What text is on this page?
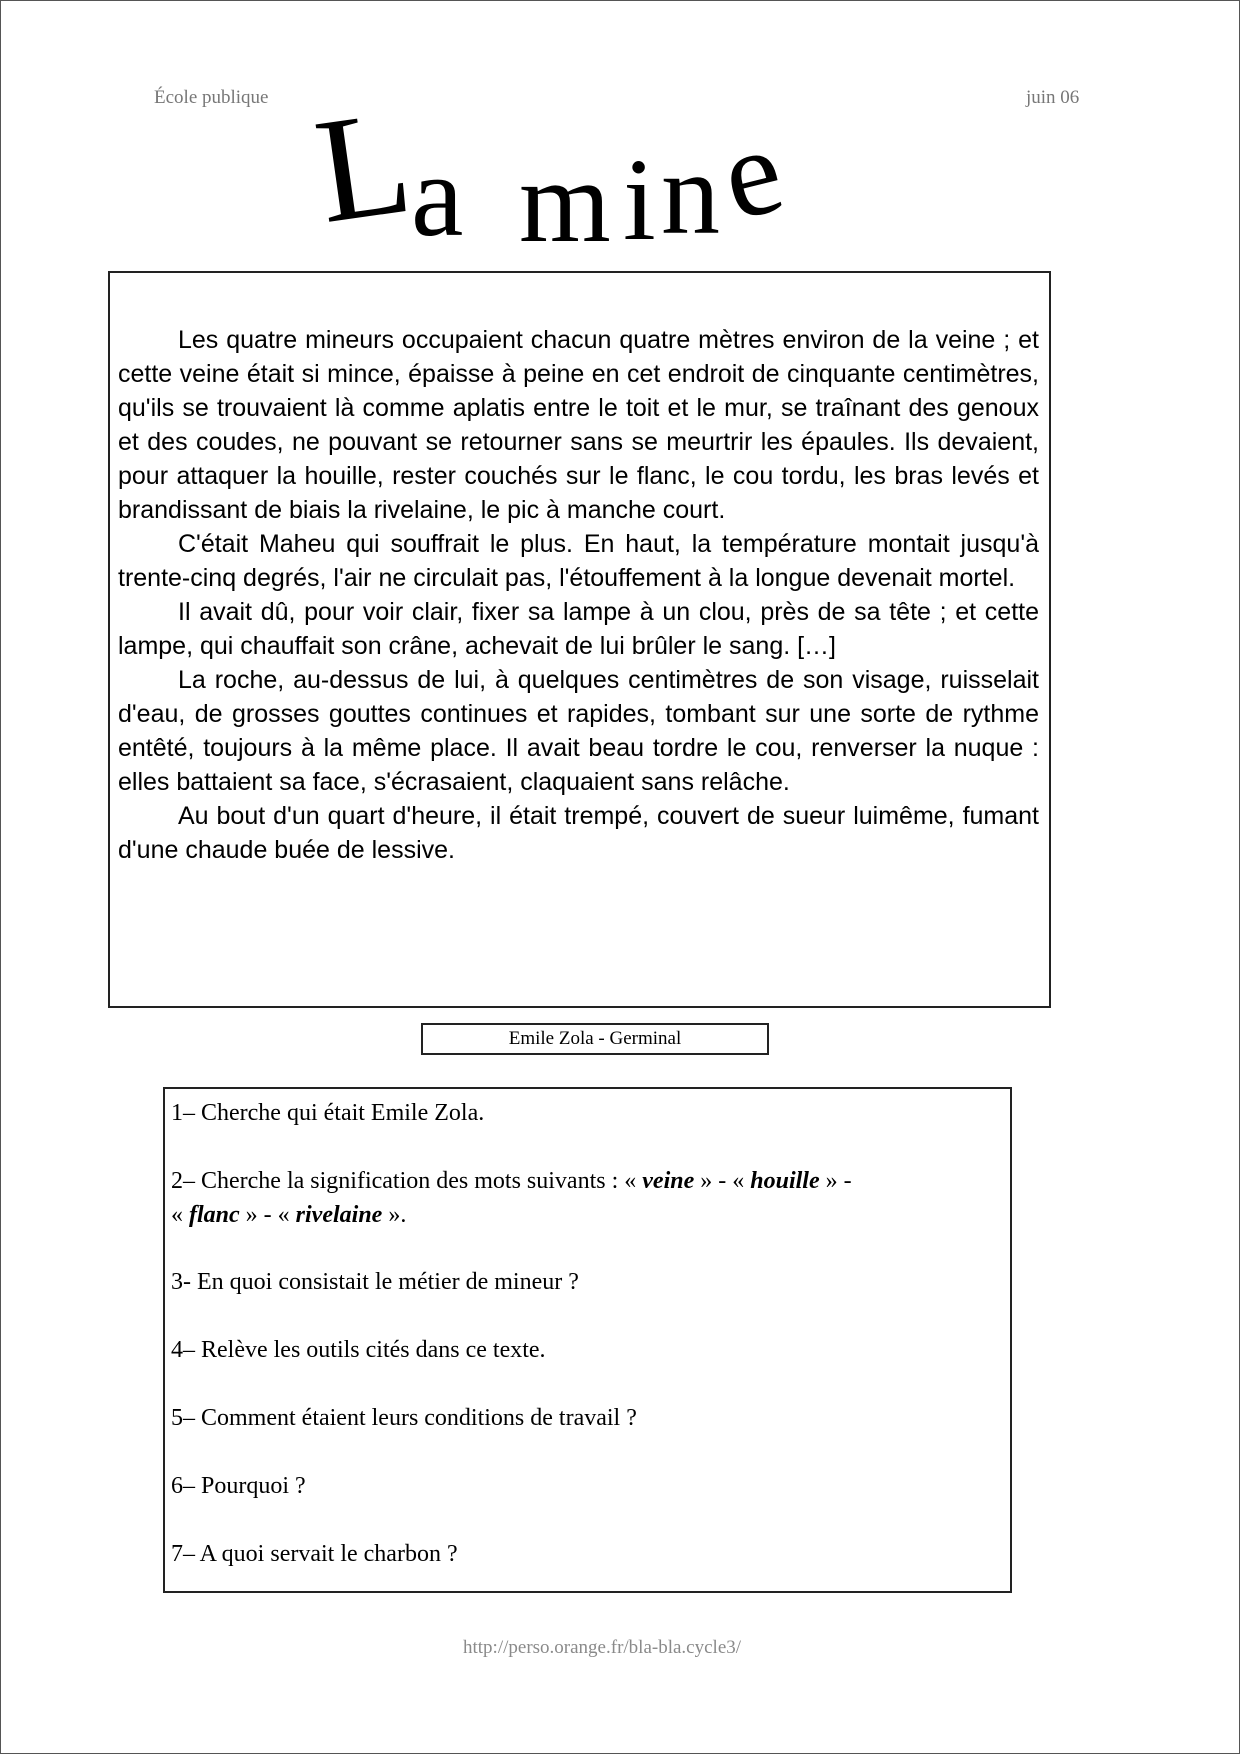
École publique	juin 06
L
a m i n
e

Les quatre mineurs occupaient chacun quatre mètres environ de la veine ; et cette veine était si mince, épaisse à peine en cet endroit de cinquante centimètres, qu'ils se trouvaient là comme aplatis entre le toit et le mur, se traînant des genoux et des coudes, ne pouvant se retourner sans se meurtrir les épaules. Ils devaient, pour attaquer la houille, rester couchés sur le flanc, le cou tordu, les bras levés et brandissant de biais la rivelaine, le pic à manche court.

C'était Maheu qui souffrait le plus. En haut, la température montait jusqu'à trente-cinq degrés, l'air ne circulait pas, l'étouffement à la longue devenait mortel.

Il avait dû, pour voir clair, fixer sa lampe à un clou, près de sa tête ; et cette lampe, qui chauffait son crâne, achevait de lui brûler le sang. […]

La roche, au-dessus de lui, à quelques centimètres de son visage, ruisselait d'eau, de grosses gouttes continues et rapides, tombant sur une sorte de rythme entêté, toujours à la même place. Il avait beau tordre le cou, renverser la nuque : elles battaient sa face, s'écrasaient, claquaient sans relâche.

Au bout d'un quart d'heure, il était trempé, couvert de sueur luimême, fumant d'une chaude buée de lessive.

Emile Zola - Germinal
1– Cherche qui était Emile Zola.
2– Cherche la signification des mots suivants : « veine » - « houille » -
« flanc » - « rivelaine ».
3- En quoi consistait le métier de mineur ?
4– Relève les outils cités dans ce texte.
5– Comment étaient leurs conditions de travail ?
6– Pourquoi ?
7– A quoi servait le charbon ?
http://perso.orange.fr/bla-bla.cycle3/
